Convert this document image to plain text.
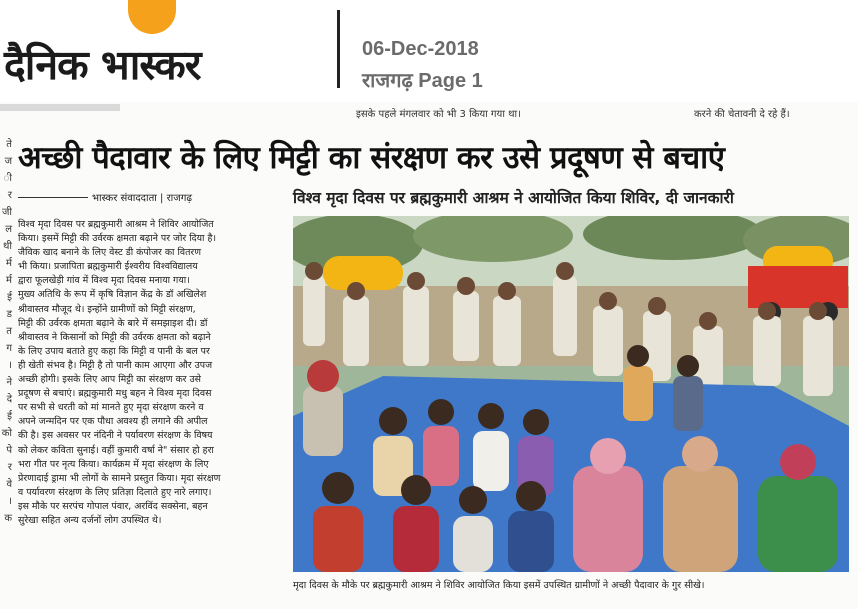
दैनिक भास्कर	06-Dec-2018
राजगढ़ Page 1
इसके पहले मंगलवार को भी 3 किया गया था।	करने की चेतावनी दे रहे हैं।
ते
ज
ी
र
जी
ल
थी
र्म
र्म
ई
ड
त
ग
।
ने
दे
ई
को
पे
र
वे
।
क
अच्छी पैदावार के लिए मिट्टी का संरक्षण कर उसे प्रदूषण से बचाएं
भास्कर संवाददाता | राजगढ़	विश्व मृदा दिवस पर ब्रह्मकुमारी आश्रम ने आयोजित किया शिविर, दी जानकारी
विश्व मृदा दिवस पर ब्रह्मकुमारी आश्रम ने शिविर आयोजित
किया। इसमें मिट्टी की उर्वरक क्षमता बढ़ाने पर जोर दिया है।
जैविक खाद बनाने के लिए वेस्ट डी कंपोजर का वितरण
भी किया। प्रजापिता ब्रह्मकुमारी ईश्वरीय विश्वविद्यालय
द्वारा फूलखेड़ी गांव में विश्व मृदा दिवस मनाया गया।
मुख्य अतिथि के रूप में कृषि विज्ञान केंद्र के डॉ अखिलेश
श्रीवास्तव मौजूद थे। इन्होंने ग्रामीणों को मिट्टी संरक्षण,
मिट्टी की उर्वरक क्षमता बढ़ाने के बारे में समझाइश दी। डॉ
श्रीवास्तव ने किसानों को मिट्टी की उर्वरक क्षमता को बढ़ाने
के लिए उपाय बताते हुए कहा कि मिट्टी व पानी के बल पर
ही खेती संभव है। मिट्टी है तो पानी काम आएगा और उपज
अच्छी होगी। इसके लिए आप मिट्टी का संरक्षण कर उसे
प्रदूषण से बचाएं। ब्रह्मकुमारी मधु बहन ने विश्व मृदा दिवस
पर सभी से धरती को मां मानते हुए मृदा संरक्षण करने व
अपने जन्मदिन पर एक पौधा अवश्य ही लगाने की अपील
की है। इस अवसर पर नंदिनी ने पर्यावरण संरक्षण के विषय
को लेकर कविता सुनाई। वहीं कुमारी वर्षा ने" संसार हो हरा
भरा गीत पर नृत्य किया। कार्यक्रम में मृदा संरक्षण के लिए
प्रेरणादाई ड्रामा भी लोगों के सामने प्रस्तुत किया। मृदा संरक्षण
व पर्यावरण संरक्षण के लिए प्रतिज्ञा दिलाते हुए नारे लगाए।
इस मौके पर सरपंच गोपाल पंवार, अरविंद सक्सेना, बहन
सुरेखा सहित अन्य दर्जनों लोग उपस्थित थे।
मृदा दिवस के मौके पर ब्रह्मकुमारी आश्रम ने शिविर आयोजित किया इसमें उपस्थित ग्रामीणों ने अच्छी पैदावार के गुर सीखे।
